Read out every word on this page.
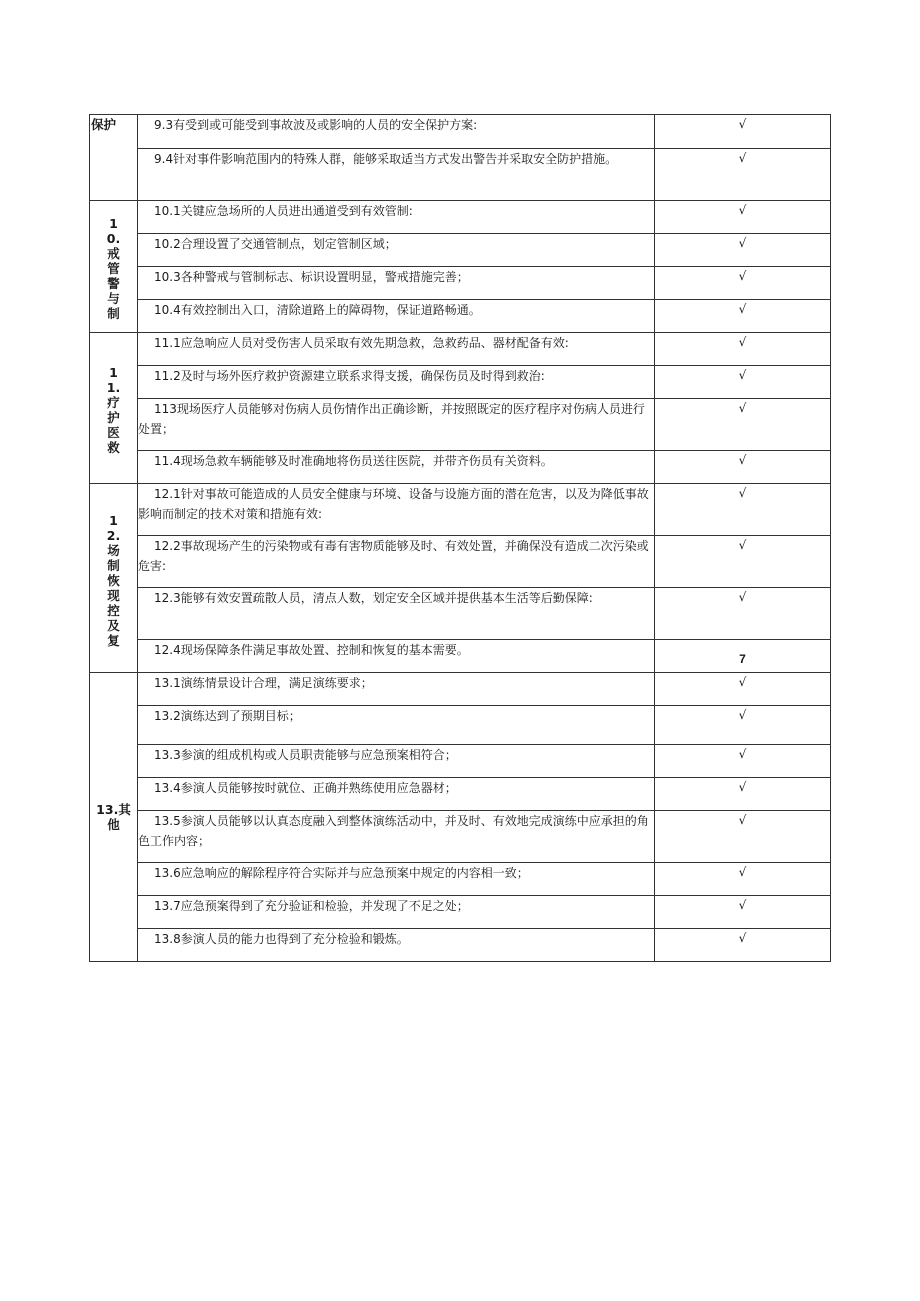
保护	9.3有受到或可能受到事故波及或影响的人员的安全保护方案:	√
	9.4针对事件影响范围内的特殊人群，能够采取适当方式发出警告并采取安全防护措施。	√

10.戒管警与制	10.1关键应急场所的人员进出通道受到有效管制:	√
	10.2合理设置了交通管制点，划定管制区域；	√
	10.3各种警戒与管制标志、标识设置明显，警戒措施完善；	√
	10.4有效控制出入口，清除道路上的障碍物，保证道路畅通。	√

11.疗护医救	11.1应急响应人员对受伤害人员采取有效先期急救，急救药品、器材配备有效:	√
	11.2及时与场外医疗救护资源建立联系求得支援，确保伤员及时得到救治:	√
	113现场医疗人员能够对伤病人员伤情作出正确诊断，并按照既定的医疗程序对伤病人员进行处置；	√
	11.4现场急救车辆能够及时准确地将伤员送往医院，并带齐伤员有关资料。	√

12.场制恢现控及复	12.1针对事故可能造成的人员安全健康与环境、设备与设施方面的潜在危害，以及为降低事故影响而制定的技术对策和措施有效:	√
	12.2事故现场产生的污染物或有毒有害物质能够及时、有效处置，并确保没有造成二次污染或危害:	√
	12.3能够有效安置疏散人员，清点人数，划定安全区域并提供基本生活等后勤保障:	√
	12.4现场保障条件满足事故处置、控制和恢复的基本需要。	7
13.其他	13.1演练情景设计合理，满足演练要求；	√
	13.2演练达到了预期目标；	√
	13.3参演的组成机构或人员职责能够与应急预案相符合；	√
	13.4参演人员能够按时就位、正确并熟练使用应急器材；	√
	13.5参演人员能够以认真态度融入到整体演练活动中，并及时、有效地完成演练中应承担的角色工作内容；	√
	13.6应急响应的解除程序符合实际并与应急预案中规定的内容相一致；	√
	13.7应急预案得到了充分验证和检验，并发现了不足之处；	√
	13.8参演人员的能力也得到了充分检验和锻炼。	√
